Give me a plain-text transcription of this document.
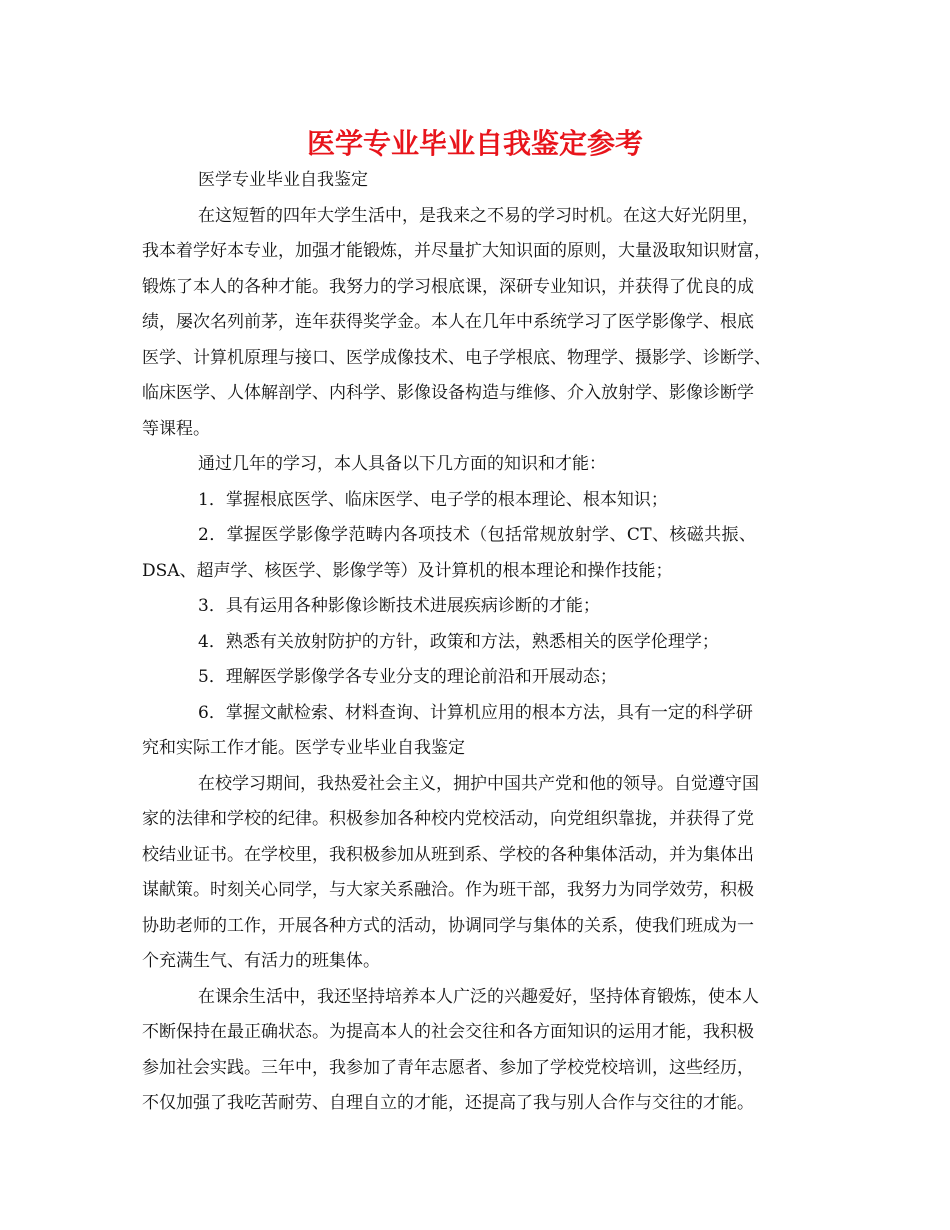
医学专业毕业自我鉴定参考
医学专业毕业自我鉴定
在这短暂的四年大学生活中，是我来之不易的学习时机。在这大好光阴里，
我本着学好本专业，加强才能锻炼，并尽量扩大知识面的原则，大量汲取知识财富，
锻炼了本人的各种才能。我努力的学习根底课，深研专业知识，并获得了优良的成
绩，屡次名列前茅，连年获得奖学金。本人在几年中系统学习了医学影像学、根底
医学、计算机原理与接口、医学成像技术、电子学根底、物理学、摄影学、诊断学、
临床医学、人体解剖学、内科学、影像设备构造与维修、介入放射学、影像诊断学
等课程。
通过几年的学习，本人具备以下几方面的知识和才能：
1．掌握根底医学、临床医学、电子学的根本理论、根本知识；
2．掌握医学影像学范畴内各项技术（包括常规放射学、CT、核磁共振、
DSA、超声学、核医学、影像学等）及计算机的根本理论和操作技能；
3．具有运用各种影像诊断技术进展疾病诊断的才能；
4．熟悉有关放射防护的方针，政策和方法，熟悉相关的医学伦理学；
5．理解医学影像学各专业分支的理论前沿和开展动态；
6．掌握文献检索、材料查询、计算机应用的根本方法，具有一定的科学研
究和实际工作才能。医学专业毕业自我鉴定
在校学习期间，我热爱社会主义，拥护中国共产党和他的领导。自觉遵守国
家的法律和学校的纪律。积极参加各种校内党校活动，向党组织靠拢，并获得了党
校结业证书。在学校里，我积极参加从班到系、学校的各种集体活动，并为集体出
谋献策。时刻关心同学，与大家关系融洽。作为班干部，我努力为同学效劳，积极
协助老师的工作，开展各种方式的活动，协调同学与集体的关系，使我们班成为一
个充满生气、有活力的班集体。
在课余生活中，我还坚持培养本人广泛的兴趣爱好，坚持体育锻炼，使本人
不断保持在最正确状态。为提高本人的社会交往和各方面知识的运用才能，我积极
参加社会实践。三年中，我参加了青年志愿者、参加了学校党校培训，这些经历，
不仅加强了我吃苦耐劳、自理自立的才能，还提高了我与别人合作与交往的才能。
